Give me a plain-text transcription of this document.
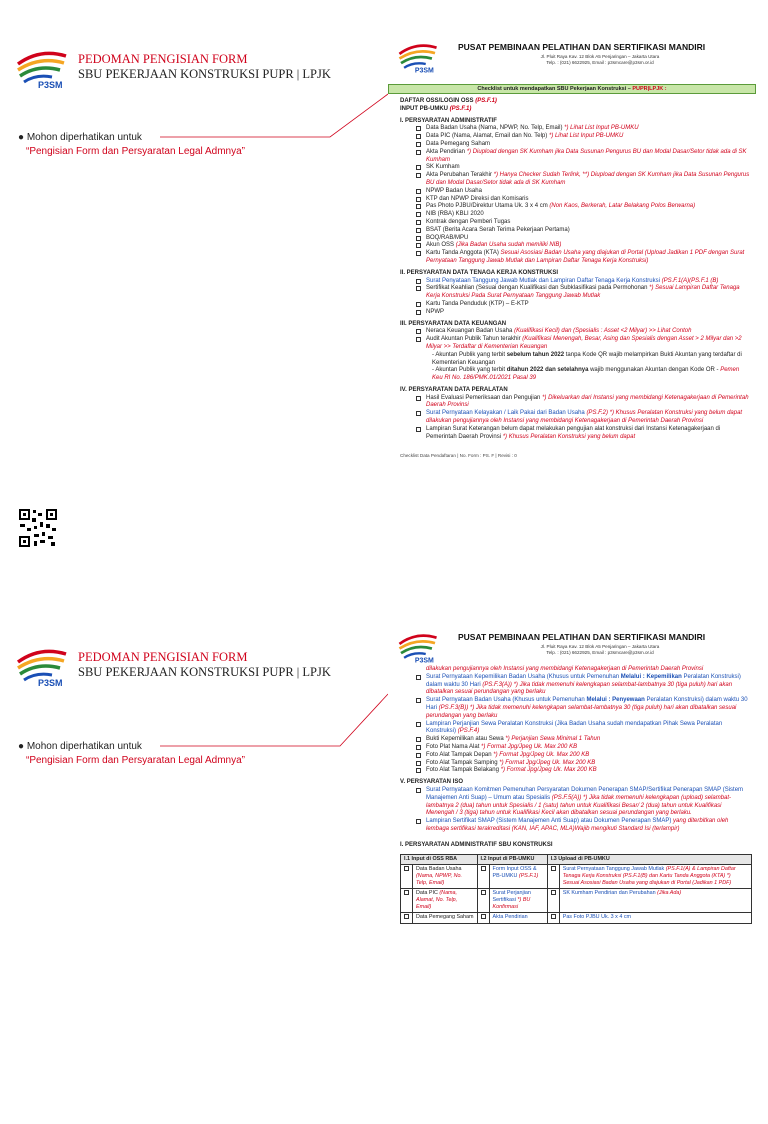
P3SM
PEDOMAN PENGISIAN FORM
SBU PEKERJAAN KONSTRUKSI PUPR | LPJK
● Mohon diperhatikan untuk
“Pengisian Form dan Persyaratan Legal Admnya”
P3SM
PUSAT PEMBINAAN PELATIHAN DAN SERTIFIKASI MANDIRI
Jl. Pluit Raya Kav. 12 Blok A5 Penjaringan – Jakarta Utara
Telp. : (021) 6622925, Email : p3smcare@p3sm.or.id
Checklist untuk mendapatkan SBU Pekerjaan Konstruksi – PUPR|LPJK :
DAFTAR OSS/LOGIN OSS (PS.F.1)
INPUT PB-UMKU (PS.F.1)
I. PERSYARATAN ADMINISTRATIF
Data Badan Usaha (Nama, NPWP, No. Telp, Email) *) Lihat List Input PB-UMKU
Data PIC (Nama, Alamat, Email dan No. Telp) *) Lihat List Input PB-UMKU
Data Pemegang Saham
Akta Pendirian *) Diupload dengan SK Kumham jika Data Susunan Pengurus BU dan Modal Dasar/Setor tidak ada di SK Kumham
SK Kumham
Akta Perubahan Terakhir *) Hanya Checker Sudah Terlink, **) Diupload dengan SK Kumham jika Data Susunan Pengurus BU dan Modal Dasar/Setor tidak ada di SK Kumham
NPWP Badan Usaha
KTP dan NPWP Direksi dan Komisaris
Pas Photo PJBU/Direktur Utama Uk. 3 x 4 cm (Non Kaos, Berkerah, Latar Belakang Polos Berwarna)
NIB (RBA) KBLI 2020
Kontrak dengan Pemberi Tugas
BSAT (Berita Acara Serah Terima Pekerjaan Pertama)
BOQ/RAB/MPU
Akun OSS (Jika Badan Usaha sudah memiliki NIB)
Kartu Tanda Anggota (KTA) Sesuai Asosiasi Badan Usaha yang diajukan di Portal (Upload Jadikan 1 PDF dengan Surat Pernyataan Tanggung Jawab Mutlak dan Lampiran Daftar Tenaga Kerja Konstruksi)
II. PERSYARATAN DATA TENAGA KERJA KONSTRUKSI
Surat Penyataan Tanggung Jawab Mutlak dan Lampiran Daftar Tenaga Kerja Konstruksi (PS.F.1(A)(PS.F.1 (B)
Sertifikat Keahlian (Sesuai dengan Kualifikasi dan Subklasifikasi pada Permohonan *) Sesuai Lampiran Daftar Tenaga Kerja Konstruksi Pada Surat Pernyataan Tanggung Jawab Mutlak
Kartu Tanda Penduduk (KTP) – E-KTP
NPWP
III. PERSYARATAN DATA KEUANGAN
Neraca Keuangan Badan Usaha (Kualifikasi Kecil) dan (Spesialis : Asset <2 Milyar) >> Lihat Contoh
Audit Akuntan Publik Tahun terakhir (Kualifikasi Menengah, Besar, Asing dan Spesialis dengan Asset > 2 Milyar dan >2 Milyar >> Terdaftar di Kementerian Keuangan
- Akuntan Publik yang terbit sebelum tahun 2022 tanpa Kode QR wajib melampirkan Bukti Akuntan yang terdaftar di Kementerian Keuangan
- Akuntan Publik yang terbit ditahun 2022 dan setelahnya wajib menggunakan Akuntan dengan Kode OR - Pemen Keu RI No. 186/PMK.01/2021 Pasal 39
IV. PERSYARATAN DATA PERALATAN
Hasil Evaluasi Pemeriksaan dan Pengujian *) Dikeluarkan dari Instansi yang membidangi Ketenagakerjaan di Pemerintah Daerah Provinsi
Surat Pernyataan Kelayakan / Laik Pakai dari Badan Usaha (PS.F.2) *) Khusus Peralatan Konstruksi yang belum dapat dilakukan pengujiannya oleh Instansi yang membidangi Ketenagakerjaan di Pemerintah Daerah Provinsi
Lampiran Surat Keterangan belum dapat melakukan pengujian alat konstruksi dari Instansi Ketenagakerjaan di Pemerintah Daerah Provinsi *) Khusus Peralatan Konstruksi yang belum dapat
Checklist Data Pendaftaran | No. Form : PS. F | Revisi : 0
P3SM
PEDOMAN PENGISIAN FORM
SBU PEKERJAAN KONSTRUKSI PUPR | LPJK
● Mohon diperhatikan untuk
“Pengisian Form dan Persyaratan Legal Admnya”
P3SM
PUSAT PEMBINAAN PELATIHAN DAN SERTIFIKASI MANDIRI
Jl. Pluit Raya Kav. 12 Blok A5 Penjaringan – Jakarta Utara
Telp. : (021) 6622925, Email : p3smcare@p3sm.or.id
dilakukan pengujiannya oleh Instansi yang membidangi Ketenagakerjaan di Pemerintah Daerah Provinsi
Surat Pernyataan Kepemilikan Badan Usaha (Khusus untuk Pemenuhan Melalui : Kepemilikan Peralatan Konstruksi) dalam waktu 30 Hari (PS.F.3(A)) *) Jika tidak memenuhi kelengkapan selambat-lambatnya 30 (tiga puluh) hari akan dibatalkan sesuai perundangan yang berlaku
Surat Pernyataan Badan Usaha (Khusus untuk Pemenuhan Melalui : Penyewaan Peralatan Konstruksi) dalam waktu 30 Hari (PS.F.3(B)) *) Jika tidak memenuhi kelengkapan selambat-lambatnya 30 (tiga puluh) hari akan dibatalkan sesuai perundangan yang berlaku
Lampiran Perjanjian Sewa Peralatan Konstruksi (Jika Badan Usaha sudah mendapatkan Pihak Sewa Peralatan Konstruksi) (PS.F.4)
Bukti Kepemilikan atau Sewa *) Perjanjian Sewa Minimal 1 Tahun
Foto Plat Nama Alat *) Format Jpg/Jpeg Uk. Max 200 KB
Foto Alat Tampak Depan *) Format Jpg/Jpeg Uk. Max 200 KB
Foto Alat Tampak Samping *) Format Jpg/Jpeg Uk. Max 200 KB
Foto Alat Tampak Belakang *) Format Jpg/Jpeg Uk. Max 200 KB
V. PERSYARATAN ISO
Surat Pernyataan Komitmen Pemenuhan Persyaratan Dokumen Penerapan SMAP/Sertifikat Penerapan SMAP (Sistem Manajemen Anti Suap) – Umum atau Spesialis (PS.F.5(A)) *) Jika tidak memenuhi kelengkapan (upload) selambat-lambatnya 2 (dua) tahun untuk Spesialis / 1 (satu) tahun untuk Kualifikasi Besar/ 2 (dua) tahun untuk Kualifikasi Menengah / 3 (tiga) tahun untuk Kualifikasi Kecil akan dibatalkan sesuai perundangan yang berlaku.
Lampiran Sertifikat SMAP (Sistem Manajemen Anti Suap) atau Dokumen Penerapan SMAP) yang diterbitkan oleh lembaga sertifikasi terakreditasi (KAN, IAF, APAC, MLA)Wajib mengikuti Standard Isi (terlampir)
I. PERSYARATAN ADMINISTRATIF SBU KONSTRUKSI
I.1 Input di OSS RBA		I.2 Input di PB-UMKU		I.3 Upload di PB-UMKU	
	Data Badan Usaha (Nama, NPWP, No. Telp, Email)		Form Input OSS & PB-UMKU (PS.F.1)		Surat Pernyataan Tanggung Jawab Mutlak (PS.F.1(A) & Lampiran Daftar Tenaga Kerja Konstruksi (PS.F.1(B) dan Kartu Tanda Anggota (KTA) *) Sesuai Asosiasi Badan Usaha yang diajukan di Portal (Jadikan 1 PDF)
	Data PIC (Nama, Alamat, No. Telp, Email)		Surat Perjanjian Sertifikasi *) BU Konfirmasi		SK Kumham Pendirian dan Perubahan (Jika Ada)
	Data Pemegang Saham		Akta Pendirian		Pas Foto PJBU Uk. 3 x 4 cm
